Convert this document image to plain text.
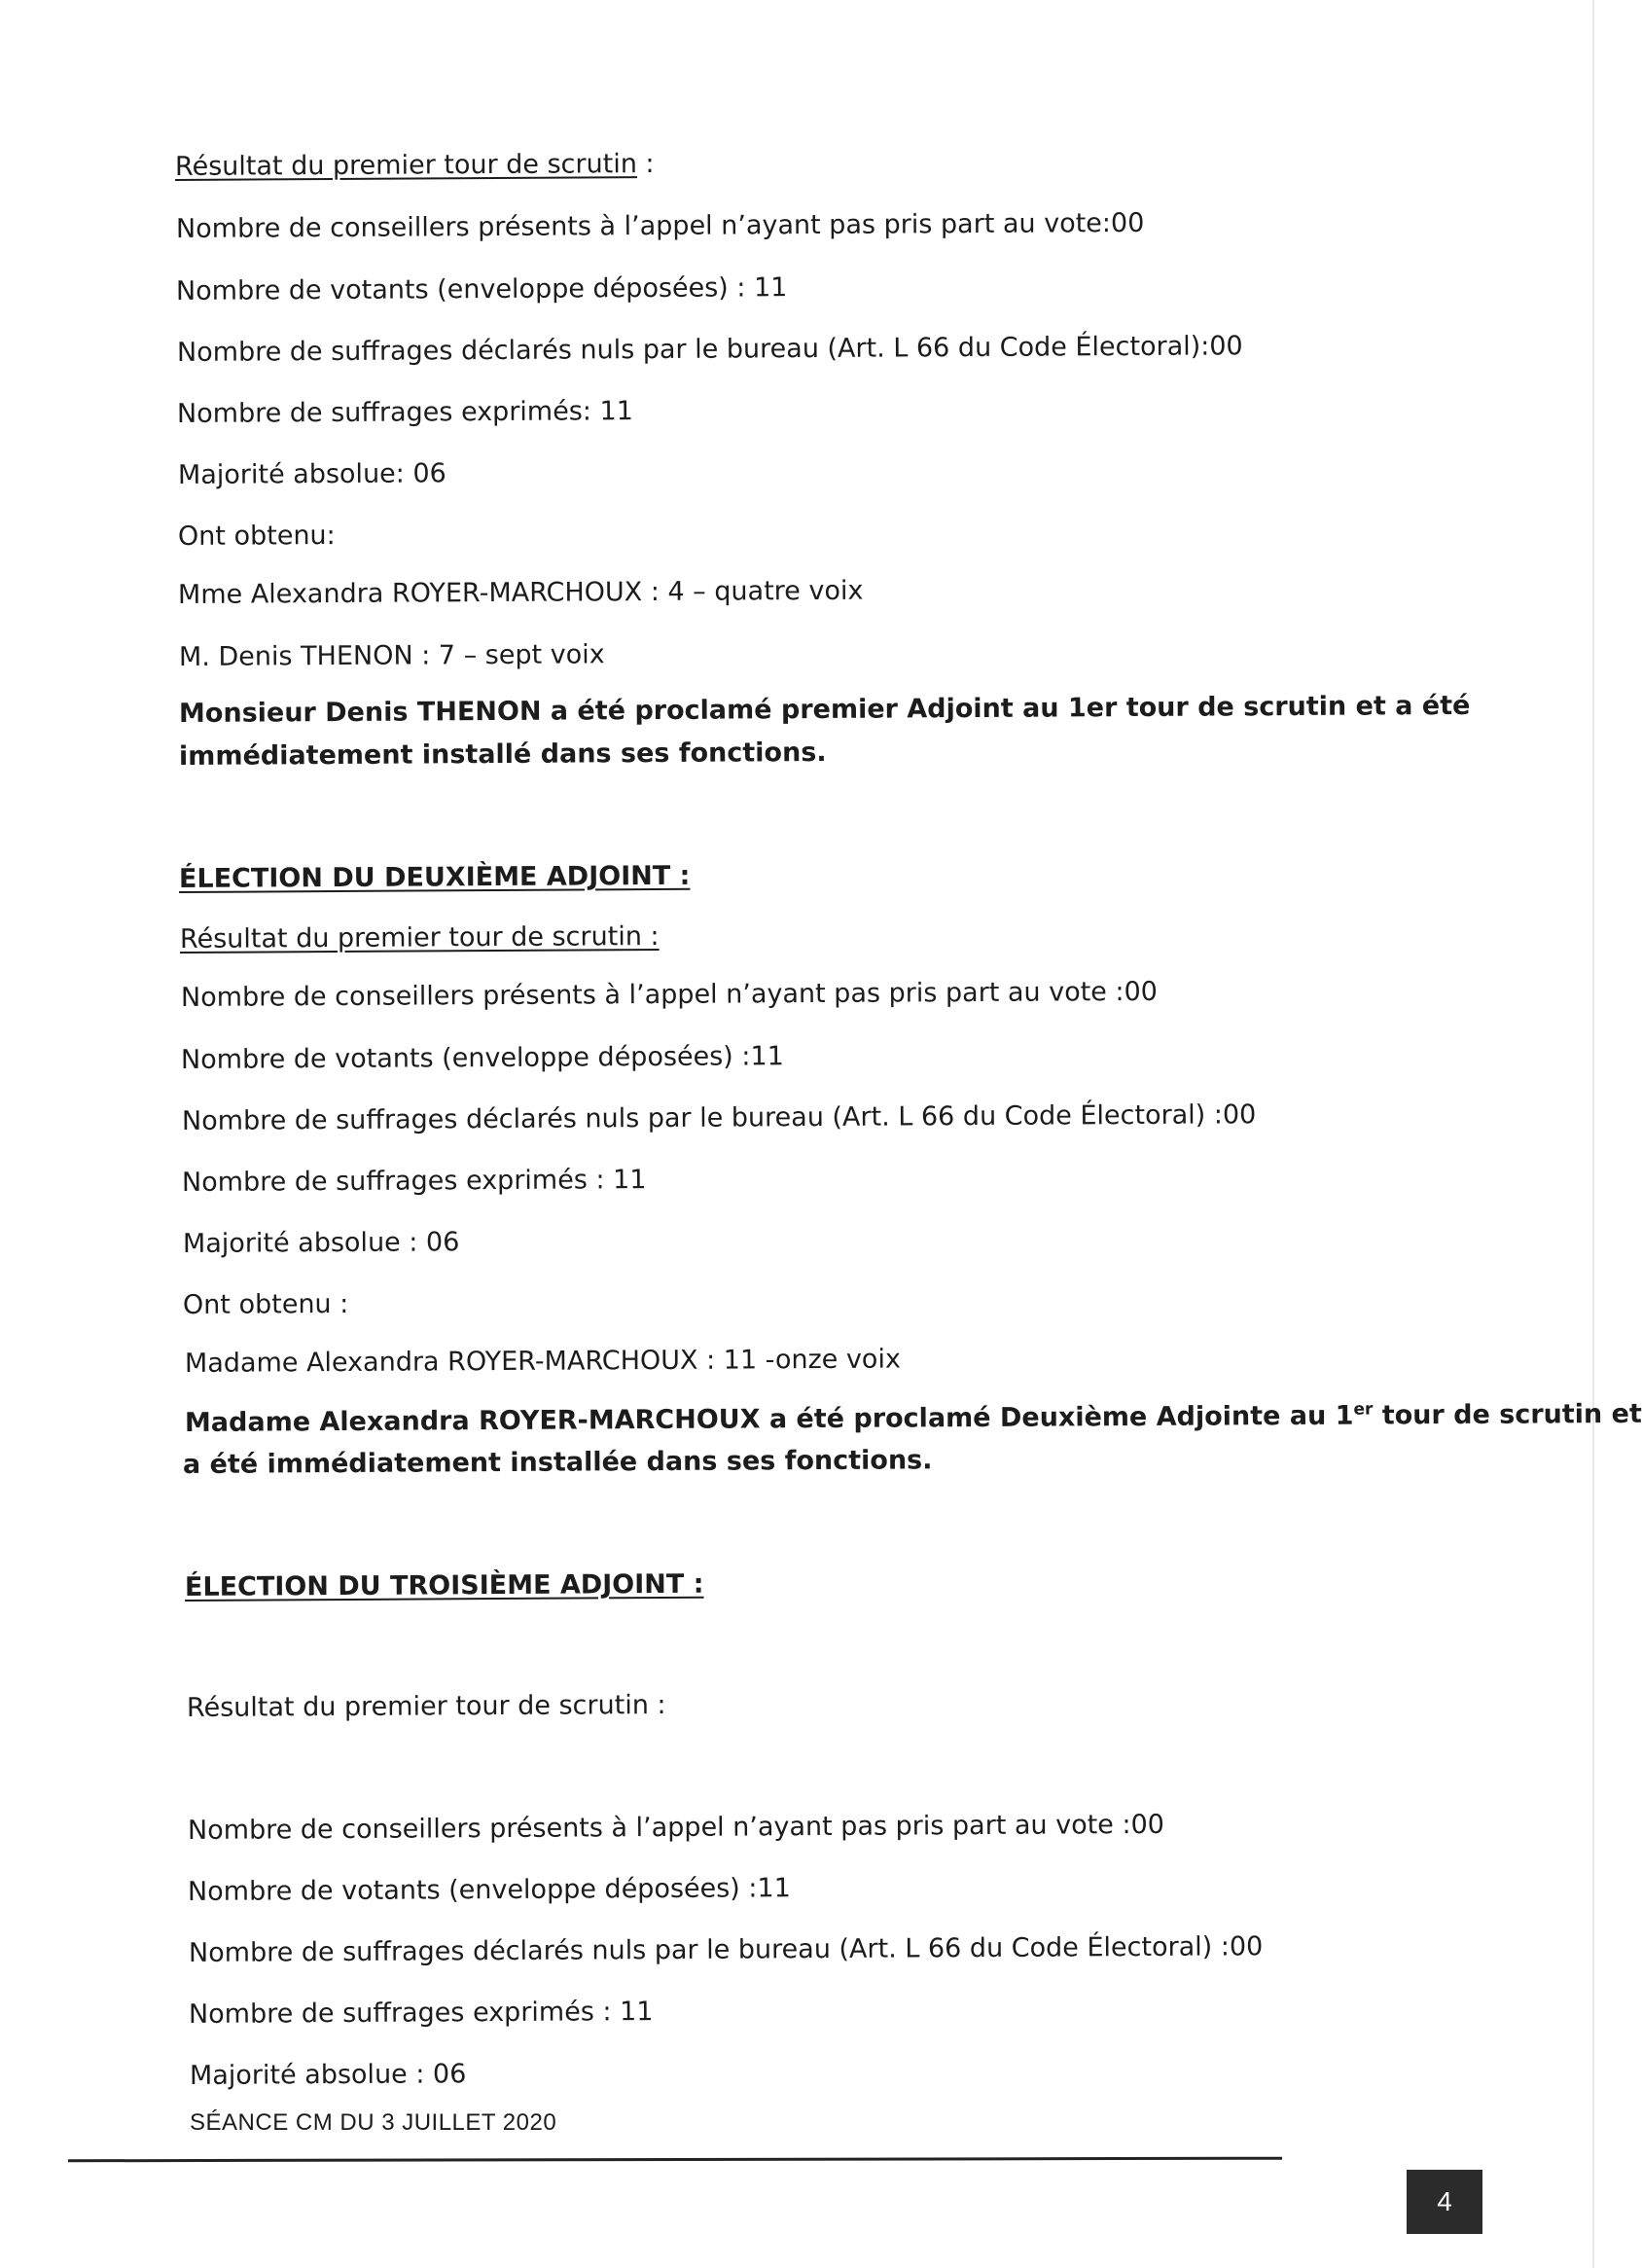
Résultat du premier tour de scrutin :
Nombre de conseillers présents à l’appel n’ayant pas pris part au vote:00
Nombre de votants (enveloppe déposées) : 11
Nombre de suffrages déclarés nuls par le bureau (Art. L 66 du Code Électoral):00
Nombre de suffrages exprimés: 11
Majorité absolue: 06
Ont obtenu:
Mme Alexandra ROYER-MARCHOUX : 4 – quatre voix
M. Denis THENON : 7 – sept voix
Monsieur Denis THENON a été proclamé premier Adjoint au 1er tour de scrutin et a été
immédiatement installé dans ses fonctions.
ÉLECTION DU DEUXIÈME ADJOINT :
Résultat du premier tour de scrutin :
Nombre de conseillers présents à l’appel n’ayant pas pris part au vote :00
Nombre de votants (enveloppe déposées) :11
Nombre de suffrages déclarés nuls par le bureau (Art. L 66 du Code Électoral) :00
Nombre de suffrages exprimés : 11
Majorité absolue : 06
Ont obtenu :
Madame Alexandra ROYER-MARCHOUX : 11 -onze voix
Madame Alexandra ROYER-MARCHOUX a été proclamé Deuxième Adjointe au 1er tour de scrutin et
a été immédiatement installée dans ses fonctions.
ÉLECTION DU TROISIÈME ADJOINT :
Résultat du premier tour de scrutin :
Nombre de conseillers présents à l’appel n’ayant pas pris part au vote :00
Nombre de votants (enveloppe déposées) :11
Nombre de suffrages déclarés nuls par le bureau (Art. L 66 du Code Électoral) :00
Nombre de suffrages exprimés : 11
Majorité absolue : 06
SÉANCE CM DU 3 JUILLET 2020
4
